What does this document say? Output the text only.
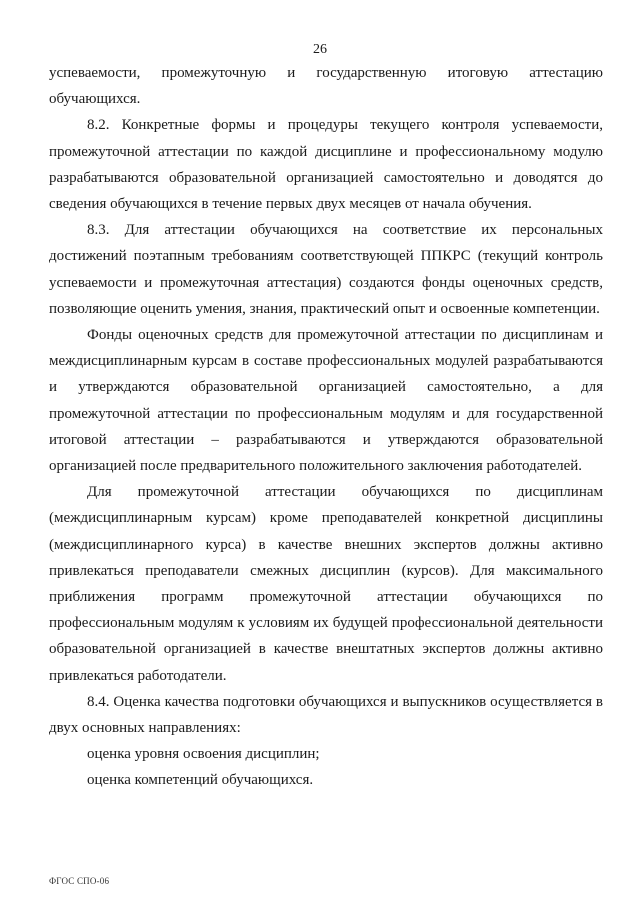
26

успеваемости, промежуточную и государственную итоговую аттестацию обучающихся.

8.2. Конкретные формы и процедуры текущего контроля успеваемости, промежуточной аттестации по каждой дисциплине и профессиональному модулю разрабатываются образовательной организацией самостоятельно и доводятся до сведения обучающихся в течение первых двух месяцев от начала обучения.

8.3. Для аттестации обучающихся на соответствие их персональных достижений поэтапным требованиям соответствующей ППКРС (текущий контроль успеваемости и промежуточная аттестация) создаются фонды оценочных средств, позволяющие оценить умения, знания, практический опыт и освоенные компетенции.

Фонды оценочных средств для промежуточной аттестации по дисциплинам и междисциплинарным курсам в составе профессиональных модулей разрабатываются и утверждаются образовательной организацией самостоятельно, а для промежуточной аттестации по профессиональным модулям и для государственной итоговой аттестации – разрабатываются и утверждаются образовательной организацией после предварительного положительного заключения работодателей.

Для промежуточной аттестации обучающихся по дисциплинам (междисциплинарным курсам) кроме преподавателей конкретной дисциплины (междисциплинарного курса) в качестве внешних экспертов должны активно привлекаться преподаватели смежных дисциплин (курсов). Для максимального приближения программ промежуточной аттестации обучающихся по профессиональным модулям к условиям их будущей профессиональной деятельности образовательной организацией в качестве внештатных экспертов должны активно привлекаться работодатели.

8.4. Оценка качества подготовки обучающихся и выпускников осуществляется в двух основных направлениях:

оценка уровня освоения дисциплин;

оценка компетенций обучающихся.

ФГОС СПО-06
